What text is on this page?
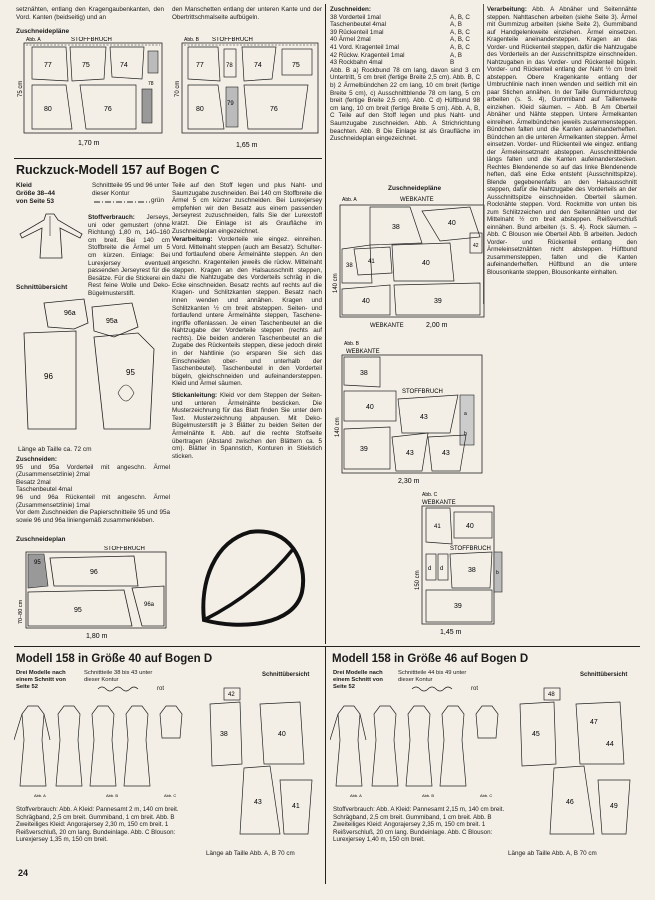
setznähten, entlang den Kragengaubenkanten, den Vord. Kanten (beidseitig) und an

den Manschetten entlang der unteren Kante und der Obertrittschmalseite aufbügeln.

Zuschneidepläne
Abb. A	STOFFBRUCH
77	75	74
78
80	76
75 cm
1,70 m
Abb. B STOFFBRUCH
77	78	74	75
80
79
76
70 cm
1,65 m
Ruckzuck-Modell 157 auf Bogen C
Kleid
Größe 38–44
von Seite 53
Schnittteile 95 und 96 unter dieser Kontur
grün

Stoffverbrauch: Jerseys, uni oder gemustert (ohne Richtung) 1,80 m, 140–160 cm breit. Bei 140 cm Stoffbreite die Ärmel um 5 cm kürzen. Einlage: Bei Lurexjersey eventuell passenden Jerseyrest für die Besätze. Für die Stickerei ein Rest feine Wolle und Deko-Bügelmusterstift.

Schnittübersicht
96a
96
95a
95
Länge ab Taille ca. 72 cm
Zuschneiden:

95 und 95a Vorderteil mit angeschn. Ärmel (Zusammensetzlinie) 2mal
Besatz 2mal
Taschenbeutel 4mal
96 und 96a Rückenteil mit angeschn. Ärmel (Zusammensetzlinie) 1mal
Vor dem Zuschneiden die Papierschnitteile 95 und 95a sowie 96 und 96a liniengemäß zusammenkleben.

Zuschneideplan
STOFFBRUCH
95
96
95
96a
70–80 cm
1,80 m

Teile auf den Stoff legen und plus Naht- und Saumzugabe zuschneiden. Bei 140 cm Stoffbreite die Ärmel 5 cm kürzer zuschneiden. Bei Lurexjersey empfehlen wir den Besatz aus einem passenden Jerseyrest zuzuschneiden, falls Sie der Lurexstoff kratzt. Die Einlage ist als Graufläche im Zuschneideplan eingezeichnet.

Verarbeitung: Vorderteile wie eingez. einreihen. Vord. Mittelnaht steppen (auch am Besatz). Schulter- und fortlaufend obere Ärmelnähte steppen. An den angeschn. Kragenteilen jeweils die rückw. Mittelnaht steppen. Kragen an den Halsausschnitt steppen, dazu die Nahtzugabe des Vorderteils schräg in die Ecke einschneiden. Besatz rechts auf rechts auf die Kragen- und Schlitzkanten steppen. Besatz nach innen wenden und annähen. Kragen und Schlitzkanten ½ cm breit absteppen. Seiten- und fortlaufend untere Ärmelnähte steppen, Tascheneingriffe offenlassen. Je einen Taschenbeutel an die Nahtzugabe der Vorderteile steppen (rechts auf rechts). Die beiden anderen Taschenbeutel an die Zugabe des Rückenteils steppen, diese jedoch direkt in der Nahtlinie (so ersparen Sie sich das Einschneiden ober- und unterhalb der Taschenbeutel). Taschenbeutel in den Vorderteil bügeln, gleichschneiden und aufeinandersteppen. Kleid und Ärmel säumen.

Stickanleitung: Kleid vor dem Steppen der Seiten- und unteren Ärmelnähte besticken. Die Musterzeichnung für das Blatt finden Sie unter dem Text. Musterzeichnung abpausen. Mit Deko-Bügelmusterstift je 3 Blätter zu beiden Seiten der Ärmelnähte lt. Abb. auf die rechte Stoffseite übertragen (Abstand zwischen den Blättern ca. 5 cm). Blätter in Spannstich, Konturen in Stielstich sticken.

Zuschneiden:
38 Vorderteil 1mal	A, B, C
Taschenbeutel 4mal	A, B
39 Rückenteil 1mal	A, B, C
40 Ärmel 2mal	A, B, C
41 Vord. Kragenteil 1mal	A, B, C
42 Rückw. Kragenteil 1mal	A, B
43 Rockbahn 4mal	B

Abb. B a) Rockbund 78 cm lang, davon sind 3 cm Untertritt, 5 cm breit (fertige Breite 2,5 cm). Abb. B, C b) 2 Ärmelbündchen 22 cm lang, 10 cm breit (fertige Breite 5 cm), c) Ausschnittblende 78 cm lang, 5 cm breit (fertige Breite 2,5 cm). Abb. C d) Hüftbund 98 cm lang, 10 cm breit (fertige Breite 5 cm). Abb. A, B, C Teile auf den Stoff legen und plus Naht- und Saumzugabe zuschneiden. Abb. A Strichrichtung beachten. Abb. B Die Einlage ist als Graufläche im Zuschneideplan eingezeichnet.

Zuschneidepläne
Abb. A	WEBKANTE
38
40
42
38
41	40
40	39
WEBKANTE	2,00 m
140 cm
Abb. B
WEBKANTE
STOFFBRUCH
38
40
43
39
43	43
a
b
2,30 m
140 cm
Abb. C
WEBKANTE
STOFFBRUCH
41	40
d d	38
39
b
1,45 m
150 cm

Verarbeitung: Abb. A Abnäher und Seitennähte steppen. Nahttaschen arbeiten (siehe Seite 3). Ärmel mit Gummizug arbeiten (siehe Seite 2), Gummiband auf Handgelenkweite einziehen. Ärmel einsetzen. Kragenteile aneinandersteppen. Kragen an das Vorder- und Rückenteil steppen, dafür die Nahtzugabe des Vorderteils an der Ausschnittspitze einschneiden. Nahtzugaben in das Vorder- und Rückenteil bügeln. Vorder- und Rückenteil entlang der Naht ½ cm breit absteppen. Obere Kragenkante entlang der Umbruchlinie nach innen wenden und seitlich mit ein paar Stichen annähen. In der Taille Gummidurchzug arbeiten (s. S. 4), Gummiband auf Taillenweite einziehen. Kleid säumen. – Abb. B Am Oberteil Abnäher und Nähte steppen. Untere Ärmelkanten einreihen. Ärmelbündchen jeweils zusammensteppen. Bündchen falten und die Kanten aufeinanderheften. Bündchen an die unteren Ärmelkanten steppen. Ärmel einsetzen. Vorder- und Rückenteil wie eingez. entlang der Ärmeleinsetznaht absteppen. Ausschnittblende längs falten und die Kanten aufeinanderstecken. Rechtes Blendenende so auf das linke Blendenende heften, daß eine Ecke entsteht (Ausschnittspitze). Blende gegebenenfalls an den Halsausschnitt steppen, dafür die Nahtzugabe des Vorderteils an der Ausschnittspitze einschneiden. Oberteil säumen. Rocknähte steppen. Vord. Rockmitte von unten bis zum Schlitzzeichen und den Seitennähten und der Mittelnaht ½ cm breit absteppen. Reißverschluß einnähen. Bund arbeiten (s. S. 4). Rock säumen. – Abb. C Blouson wie Oberteil Abb. B arbeiten. Jedoch Vorder- und Rückenteil entlang den Ärmeleinsetznähten nicht absteppen. Hüftbund zusammensteppen, falten und die Kanten aufeinanderheften. Hüftbund an die untere Blousonkante steppen, Blousonkante einhalten.

Modell 158 in Größe 40 auf Bogen D
Drei Modelle nach einem Schnitt von Seite 52
Schnittteile 38 bis 43 unter dieser Kontur
rot
Schnittübersicht
Abb. A	Abb. B	Abb. C
42
38	40
43
41
Stoffverbrauch: Abb. A Kleid: Pannesamt 2 m, 140 cm breit. Schrägband, 2,5 cm breit. Gummiband, 1 cm breit. Abb. B Zweiteiliges Kleid: Angorajersey 2,30 m, 150 cm breit. 1 Reißverschluß, 20 cm lang. Bundeinlage. Abb. C Blouson: Lurexjersey 1,35 m, 150 cm breit.
Länge ab Taille Abb. A, B 70 cm
24
Modell 158 in Größe 46 auf Bogen D
Drei Modelle nach einem Schnitt von Seite 52
Schnittteile 44 bis 49 unter dieser Kontur
rot
Schnittübersicht
Abb. A	Abb. B	Abb. C
48
45
47
44
46
49
Stoffverbrauch: Abb. A Kleid: Pannesamt 2,15 m, 140 cm breit. Schrägband, 2,5 cm breit. Gummiband, 1 cm breit. Abb. B Zweiteiliges Kleid: Angorajersey 2,35 m, 150 cm breit. 1 Reißverschluß, 20 cm lang. Bundeinlage. Abb. C Blouson: Lurexjersey 1,40 m, 150 cm breit.
Länge ab Taille Abb. A, B 70 cm
